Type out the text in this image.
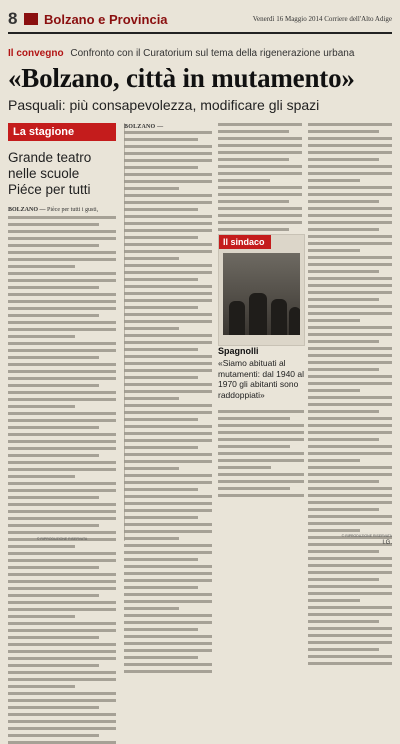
8	Bolzano e Provincia	Venerdì 16 Maggio 2014 Corriere dell'Alto Adige
Il convegno Confronto con il Curatorium sul tema della rigenerazione urbana
«Bolzano, città in mutamento»
Pasquali: più consapevolezza, modificare gli spazi
La stagione
Grande teatro nelle scuole Piéce per tutti
BOLZANO — Pièce per tutti i gusti,
© RIPRODUZIONE RISERVATA
BOLZANO —
Il sindaco
Spagnolli
«Siamo abituati al mutamenti: dal 1940 al 1970 gli abitanti sono raddoppiati»
© RIPRODUZIONE RISERVATA
I.G.
